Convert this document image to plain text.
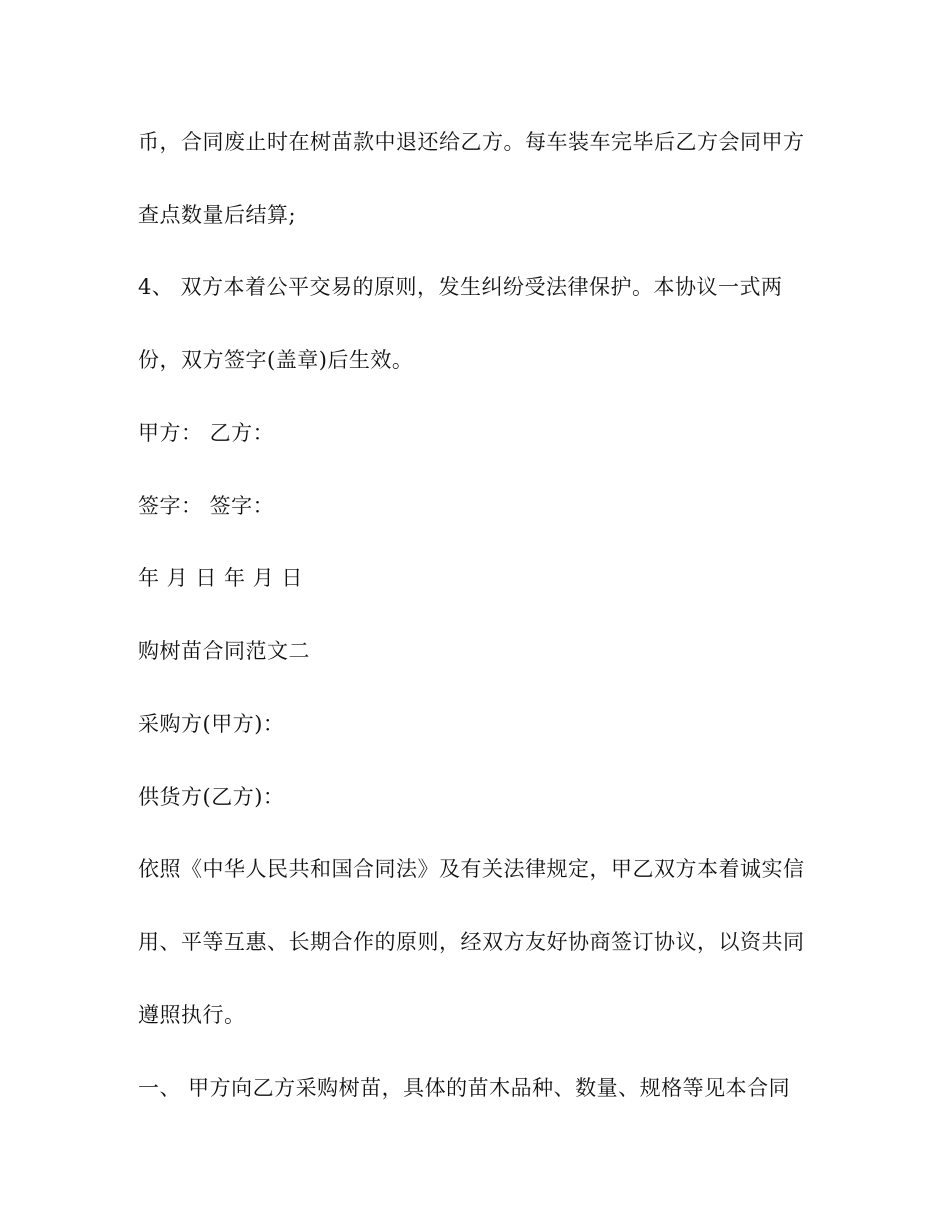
币，合同废止时在树苗款中退还给乙方。每车装车完毕后乙方会同甲方
查点数量后结算;
4、 双方本着公平交易的原则，发生纠纷受法律保护。本协议一式两
份，双方签字(盖章)后生效。
甲方： 乙方：
签字： 签字：
年 月 日 年 月 日
购树苗合同范文二
采购方(甲方)：
供货方(乙方)：
依照《中华人民共和国合同法》及有关法律规定，甲乙双方本着诚实信
用、平等互惠、长期合作的原则，经双方友好协商签订协议，以资共同
遵照执行。
一、 甲方向乙方采购树苗，具体的苗木品种、数量、规格等见本合同
